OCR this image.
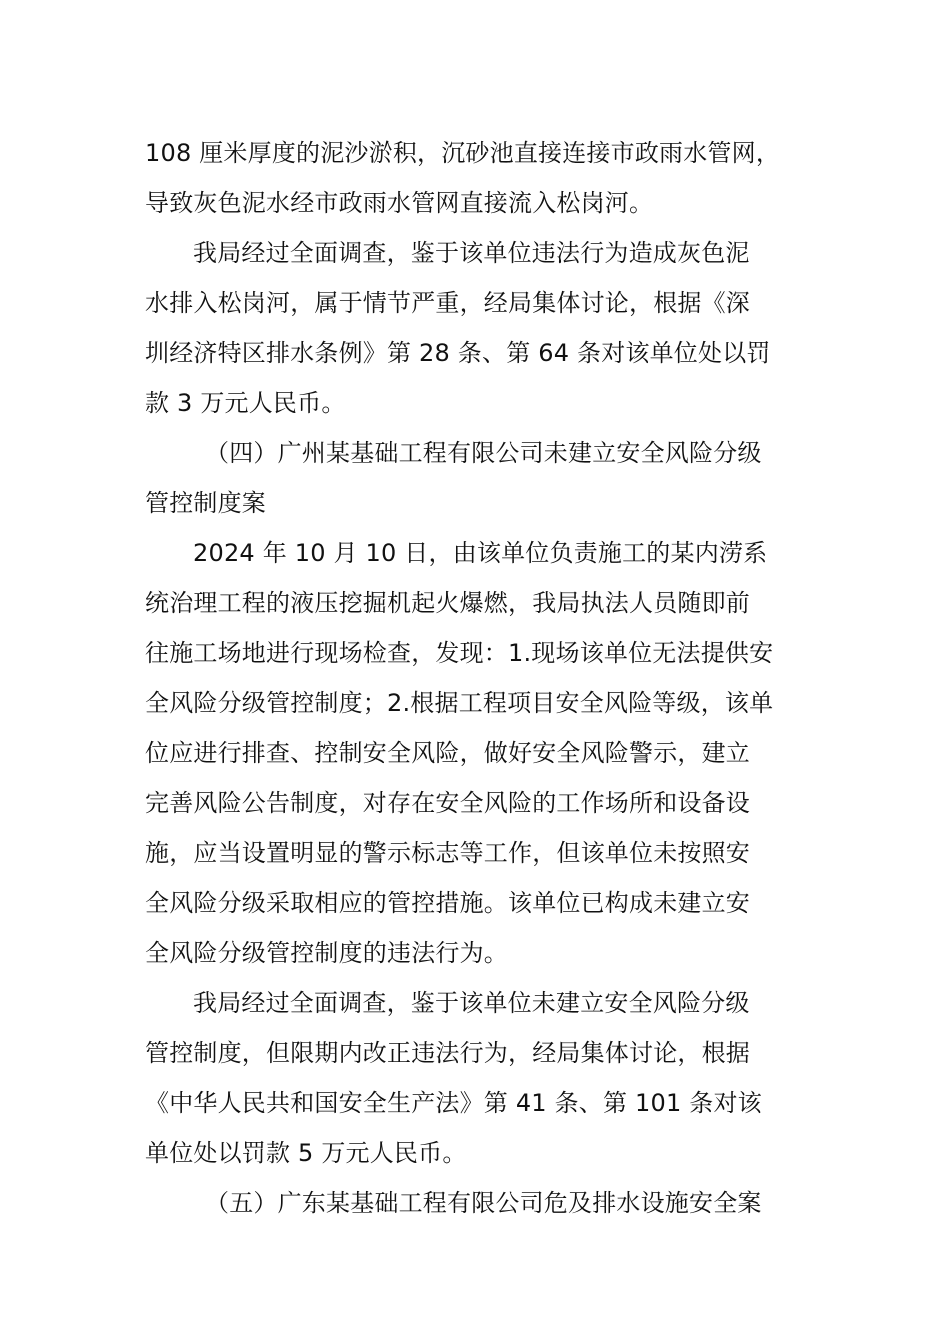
108 厘米厚度的泥沙淤积，沉砂池直接连接市政雨水管网，
导致灰色泥水经市政雨水管网直接流入松岗河。
我局经过全面调查，鉴于该单位违法行为造成灰色泥
水排入松岗河，属于情节严重，经局集体讨论，根据《深
圳经济特区排水条例》第 28 条、第 64 条对该单位处以罚
款 3 万元人民币。
（四）广州某基础工程有限公司未建立安全风险分级
管控制度案
2024 年 10 月 10 日，由该单位负责施工的某内涝系
统治理工程的液压挖掘机起火爆燃，我局执法人员随即前
往施工场地进行现场检查，发现：1.现场该单位无法提供安
全风险分级管控制度；2.根据工程项目安全风险等级，该单
位应进行排查、控制安全风险，做好安全风险警示，建立
完善风险公告制度，对存在安全风险的工作场所和设备设
施，应当设置明显的警示标志等工作，但该单位未按照安
全风险分级采取相应的管控措施。该单位已构成未建立安
全风险分级管控制度的违法行为。
我局经过全面调查，鉴于该单位未建立安全风险分级
管控制度，但限期内改正违法行为，经局集体讨论，根据
《中华人民共和国安全生产法》第 41 条、第 101 条对该
单位处以罚款 5 万元人民币。
（五）广东某基础工程有限公司危及排水设施安全案
